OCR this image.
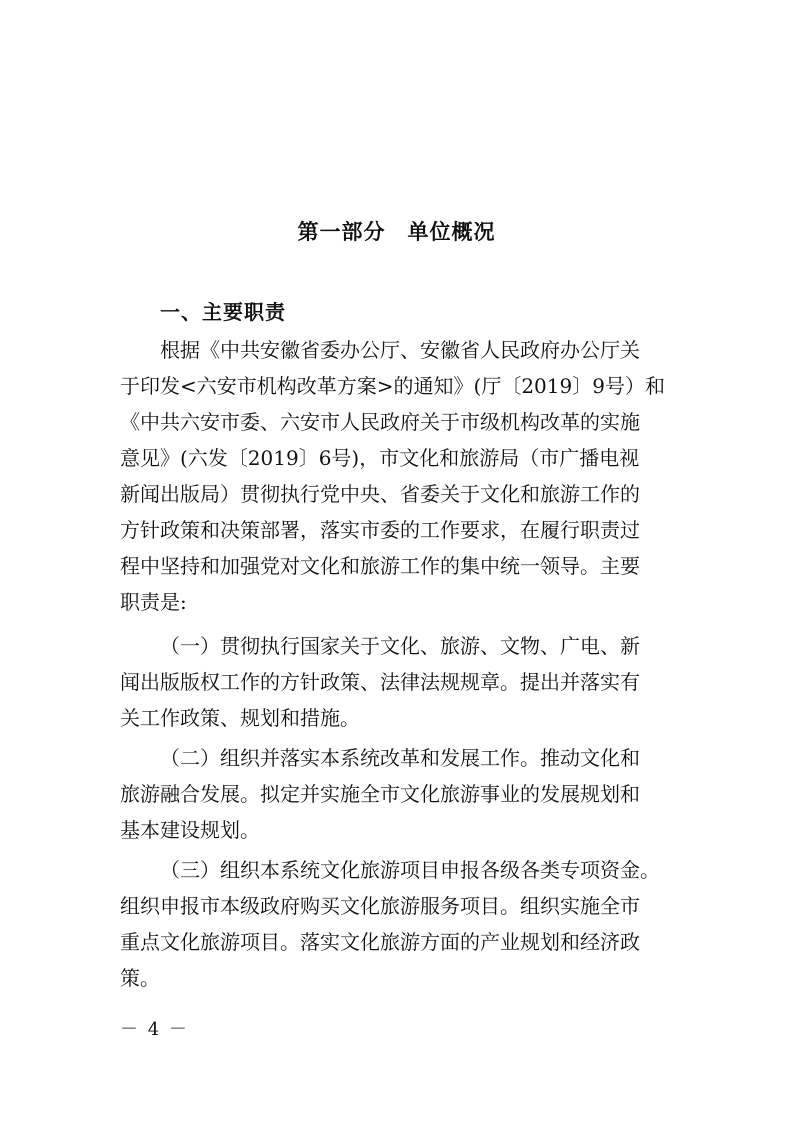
第一部分　单位概况
一、主要职责
根据《中共安徽省委办公厅、安徽省人民政府办公厅关
于印发<六安市机构改革方案>的通知》(厅〔2019〕9号）和
《中共六安市委、六安市人民政府关于市级机构改革的实施
意见》(六发〔2019〕6号)，市文化和旅游局（市广播电视
新闻出版局）贯彻执行党中央、省委关于文化和旅游工作的
方针政策和决策部署，落实市委的工作要求，在履行职责过
程中坚持和加强党对文化和旅游工作的集中统一领导。主要
职责是:
（一）贯彻执行国家关于文化、旅游、文物、广电、新
闻出版版权工作的方针政策、法律法规规章。提出并落实有
关工作政策、规划和措施。
（二）组织并落实本系统改革和发展工作。推动文化和
旅游融合发展。拟定并实施全市文化旅游事业的发展规划和
基本建设规划。
（三）组织本系统文化旅游项目申报各级各类专项资金。
组织申报市本级政府购买文化旅游服务项目。组织实施全市
重点文化旅游项目。落实文化旅游方面的产业规划和经济政
策。
－ 4 －
